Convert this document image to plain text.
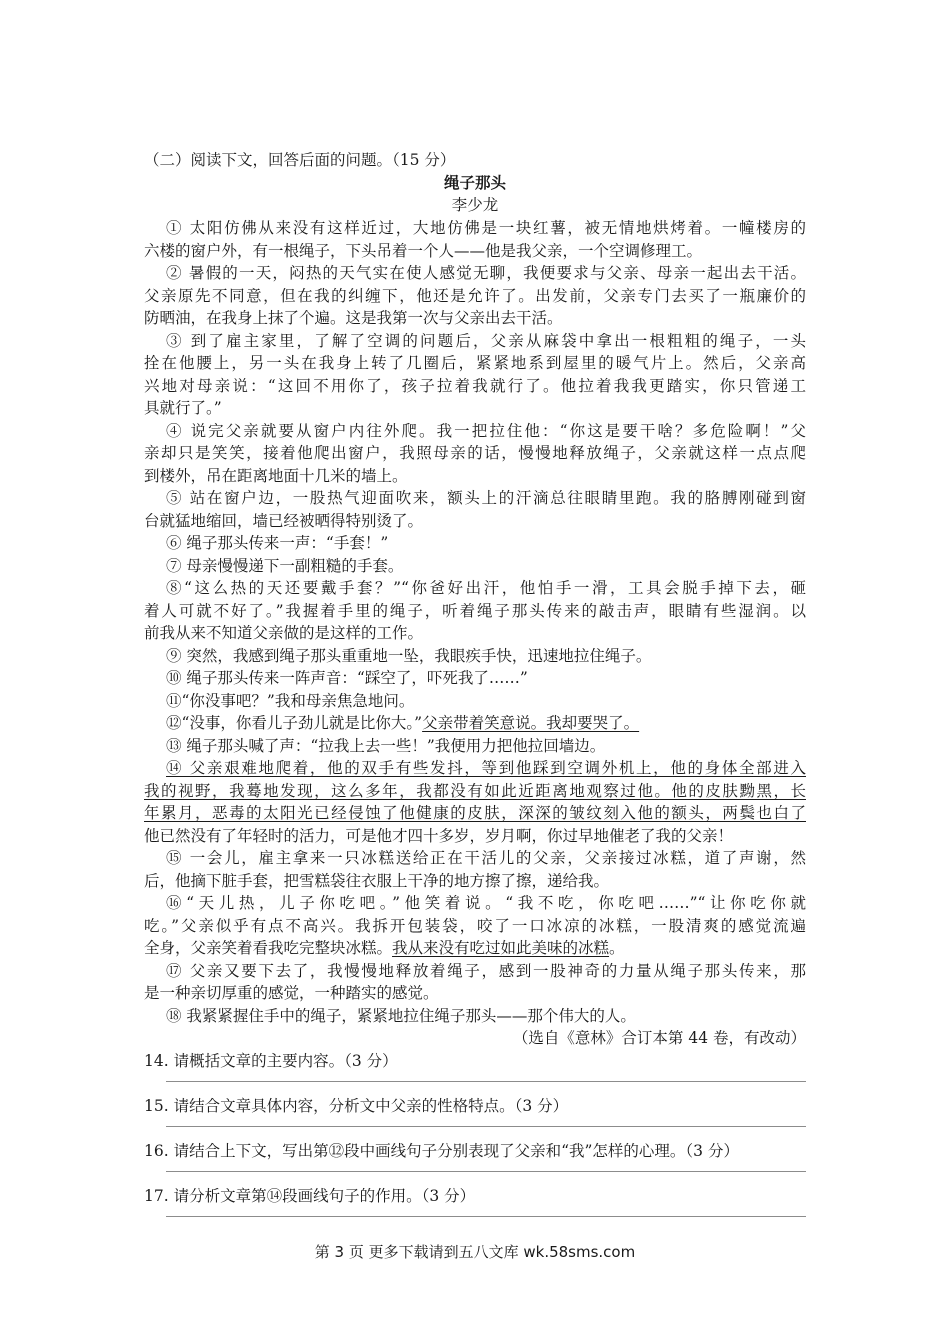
（二）阅读下文，回答后面的问题。（15 分）
绳子那头
李少龙
① 太阳仿佛从来没有这样近过，大地仿佛是一块红薯，被无情地烘烤着。一幢楼房的
六楼的窗户外，有一根绳子，下头吊着一个人——他是我父亲，一个空调修理工。
② 暑假的一天，闷热的天气实在使人感觉无聊，我便要求与父亲、母亲一起出去干活。
父亲原先不同意，但在我的纠缠下，他还是允许了。出发前，父亲专门去买了一瓶廉价的
防晒油，在我身上抹了个遍。这是我第一次与父亲出去干活。
③ 到了雇主家里，了解了空调的问题后，父亲从麻袋中拿出一根粗粗的绳子，一头
拴在他腰上，另一头在我身上转了几圈后，紧紧地系到屋里的暖气片上。然后，父亲高
兴地对母亲说：“这回不用你了，孩子拉着我就行了。他拉着我我更踏实，你只管递工
具就行了。”
④ 说完父亲就要从窗户内往外爬。我一把拉住他：“你这是要干啥？多危险啊！”父
亲却只是笑笑，接着他爬出窗户，我照母亲的话，慢慢地释放绳子，父亲就这样一点点爬
到楼外，吊在距离地面十几米的墙上。
⑤ 站在窗户边，一股热气迎面吹来，额头上的汗滴总往眼睛里跑。我的胳膊刚碰到窗
台就猛地缩回，墙已经被晒得特别烫了。
⑥ 绳子那头传来一声：“手套！”
⑦ 母亲慢慢递下一副粗糙的手套。
⑧“这么热的天还要戴手套？”“你爸好出汗，他怕手一滑，工具会脱手掉下去，砸
着人可就不好了。”我握着手里的绳子，听着绳子那头传来的敲击声，眼睛有些湿润。以
前我从来不知道父亲做的是这样的工作。
⑨ 突然，我感到绳子那头重重地一坠，我眼疾手快，迅速地拉住绳子。
⑩ 绳子那头传来一阵声音：“踩空了，吓死我了……”
⑪“你没事吧？”我和母亲焦急地问。
⑫“没事，你看儿子劲儿就是比你大。”父亲带着笑意说。我却要哭了。
⑬ 绳子那头喊了声：“拉我上去一些！”我便用力把他拉回墙边。
⑭ 父亲艰难地爬着，他的双手有些发抖，等到他踩到空调外机上，他的身体全部进入
我的视野，我蓦地发现，这么多年，我都没有如此近距离地观察过他。他的皮肤黝黑，长
年累月，恶毒的太阳光已经侵蚀了他健康的皮肤，深深的皱纹刻入他的额头，两鬓也白了
他已然没有了年轻时的活力，可是他才四十多岁，岁月啊，你过早地催老了我的父亲！
⑮ 一会儿，雇主拿来一只冰糕送给正在干活儿的父亲，父亲接过冰糕，道了声谢，然
后，他摘下脏手套，把雪糕袋往衣服上干净的地方擦了擦，递给我。
⑯“天儿热，儿子你吃吧。”他笑着说。“我不吃，你吃吧……”“让你吃你就
吃。”父亲似乎有点不高兴。我拆开包装袋，咬了一口冰凉的冰糕，一股清爽的感觉流遍
全身，父亲笑着看我吃完整块冰糕。我从来没有吃过如此美味的冰糕。
⑰ 父亲又要下去了，我慢慢地释放着绳子，感到一股神奇的力量从绳子那头传来，那
是一种亲切厚重的感觉，一种踏实的感觉。
⑱ 我紧紧握住手中的绳子，紧紧地拉住绳子那头——那个伟大的人。
（选自《意林》合订本第 44 卷，有改动）
14. 请概括文章的主要内容。（3 分）
15. 请结合文章具体内容，分析文中父亲的性格特点。（3 分）
16. 请结合上下文，写出第⑫段中画线句子分别表现了父亲和“我”怎样的心理。（3 分）
17. 请分析文章第⑭段画线句子的作用。（3 分）
第 3 页 更多下载请到五八文库 wk.58sms.com
